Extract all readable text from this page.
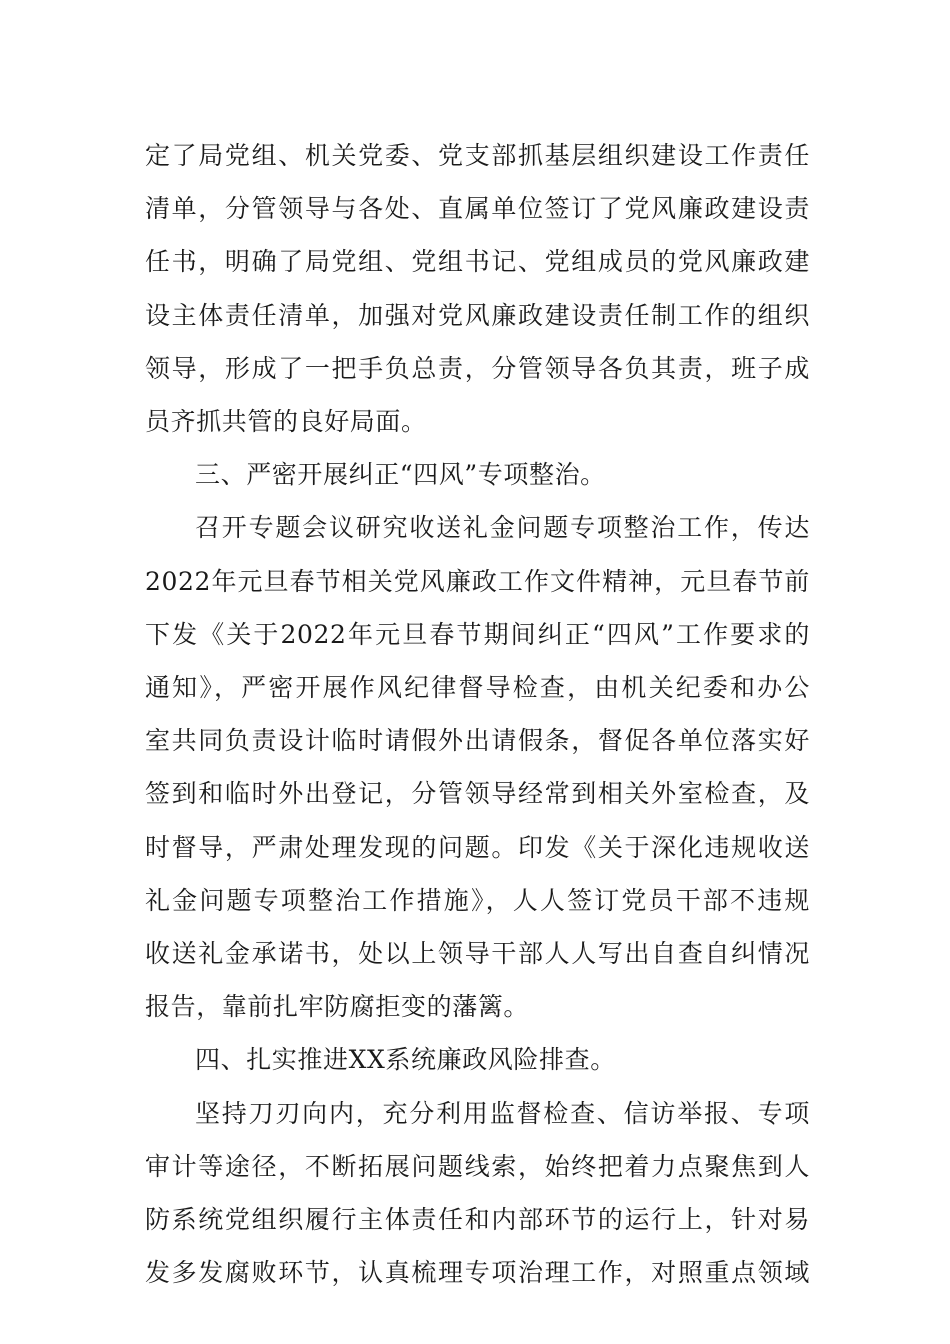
定了局党组、机关党委、党支部抓基层组织建设工作责任
清单，分管领导与各处、直属单位签订了党风廉政建设责
任书，明确了局党组、党组书记、党组成员的党风廉政建
设主体责任清单，加强对党风廉政建设责任制工作的组织
领导，形成了一把手负总责，分管领导各负其责，班子成
员齐抓共管的良好局面。
三、严密开展纠正“四风”专项整治。
召开专题会议研究收送礼金问题专项整治工作，传达
2022年元旦春节相关党风廉政工作文件精神，元旦春节前
下发《关于2022年元旦春节期间纠正“四风”工作要求的
通知》，严密开展作风纪律督导检查，由机关纪委和办公
室共同负责设计临时请假外出请假条，督促各单位落实好
签到和临时外出登记，分管领导经常到相关外室检查，及
时督导，严肃处理发现的问题。印发《关于深化违规收送
礼金问题专项整治工作措施》，人人签订党员干部不违规
收送礼金承诺书，处以上领导干部人人写出自查自纠情况
报告，靠前扎牢防腐拒变的藩篱。
四、扎实推进XX系统廉政风险排查。
坚持刀刃向内，充分利用监督检查、信访举报、专项
审计等途径，不断拓展问题线索，始终把着力点聚焦到人
防系统党组织履行主体责任和内部环节的运行上，针对易
发多发腐败环节，认真梳理专项治理工作，对照重点领域
